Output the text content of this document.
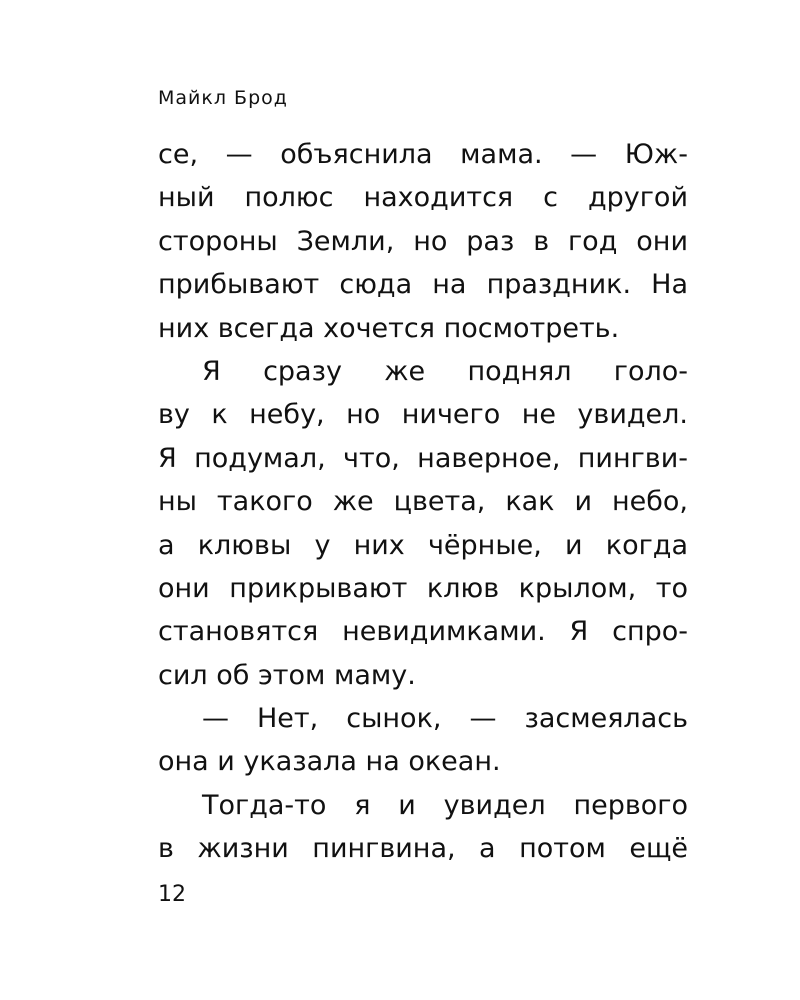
Майкл Брод
се, — объяснила мама. — Юж-
ный полюс находится с другой
стороны Земли, но раз в год они
прибывают сюда на праздник. На
них всегда хочется посмотреть.
Я сразу же поднял голо-
ву к небу, но ничего не увидел.
Я подумал, что, наверное, пингви-
ны такого же цвета, как и небо,
а клювы у них чёрные, и когда
они прикрывают клюв крылом, то
становятся невидимками. Я спро-
сил об этом маму.
— Нет, сынок, — засмеялась
она и указала на океан.
Тогда-то я и увидел первого
в жизни пингвина, а потом ещё
12
